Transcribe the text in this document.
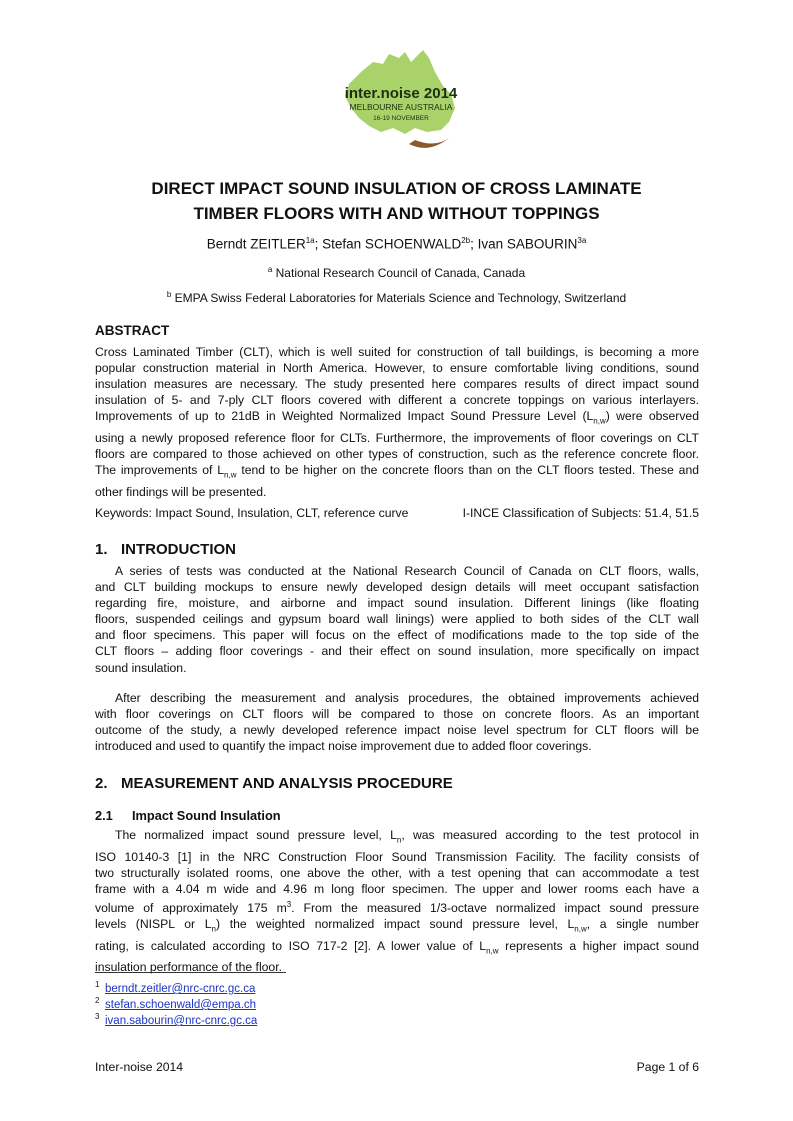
inter.noise 2014
MELBOURNE AUSTRALIA
16-19 NOVEMBER
DIRECT IMPACT SOUND INSULATION OF CROSS LAMINATE
TIMBER FLOORS WITH AND WITHOUT TOPPINGS
Berndt $ZEITLER^{1a}$; Stefan $SCHOENWALD^{2b}$; Ivan $SABOURIN^{3a}$
$^a$ National Research Council of Canada, Canada
$^b$ EMPA Swiss Federal Laboratories for Materials Science and Technology, Switzerland
ABSTRACT
Cross Laminated Timber (CLT), which is well suited for construction of tall buildings, is becoming a more
popular construction material in North America. However, to ensure comfortable living conditions, sound
insulation measures are necessary. The study presented here compares results of direct impact sound
insulation of 5- and 7-ply CLT floors covered with different a concrete toppings on various interlayers.
Improvements of up to 21dB in Weighted Normalized Impact Sound Pressure Level $(L_{n,w})$ were observed
using a newly proposed reference floor for CLTs. Furthermore, the improvements of floor coverings on CLT
floors are compared to those achieved on other types of construction, such as the reference concrete floor.
The improvements of $L_{n,w}$ tend to be higher on the concrete floors than on the CLT floors tested. These and
other findings will be presented.
Keywords: Impact Sound, Insulation, CLT, reference curve	I-INCE Classification of Subjects: 51.4, 51.5
1. INTRODUCTION
A series of tests was conducted at the National Research Council of Canada on CLT floors, walls,
and CLT building mockups to ensure newly developed design details will meet occupant satisfaction
regarding fire, moisture, and airborne and impact sound insulation. Different linings (like floating
floors, suspended ceilings and gypsum board wall linings) were applied to both sides of the CLT wall
and floor specimens. This paper will focus on the effect of modifications made to the top side of the
CLT floors – adding floor coverings - and their effect on sound insulation, more specifically on impact
sound insulation.
After describing the measurement and analysis procedures, the obtained improvements achieved
with floor coverings on CLT floors will be compared to those on concrete floors. As an important
outcome of the study, a newly developed reference impact noise level spectrum for CLT floors will be
introduced and used to quantify the impact noise improvement due to added floor coverings.
2. MEASUREMENT AND ANALYSIS PROCEDURE
2.1 Impact Sound Insulation
The normalized impact sound pressure level, $L_n$, was measured according to the test protocol in
ISO 10140-3 [1] in the NRC Construction Floor Sound Transmission Facility. The facility consists of
two structurally isolated rooms, one above the other, with a test opening that can accommodate a test
frame with a 4.04 m wide and 4.96 m long floor specimen. The upper and lower rooms each have a
volume of approximately 175 $m^3$. From the measured 1/3-octave normalized impact sound pressure
levels (NISPL or $L_n$) the weighted normalized impact sound pressure level, $L_{n,w}$, a single number
rating, is calculated according to ISO 717-2 [2]. A lower value of $L_{n,w}$ represents a higher impact sound
insulation performance of the floor.
1 berndt.zeitler@nrc-cnrc.gc.ca
2 stefan.schoenwald@empa.ch
3 ivan.sabourin@nrc-cnrc.gc.ca
Inter-noise 2014	Page 1 of 6
